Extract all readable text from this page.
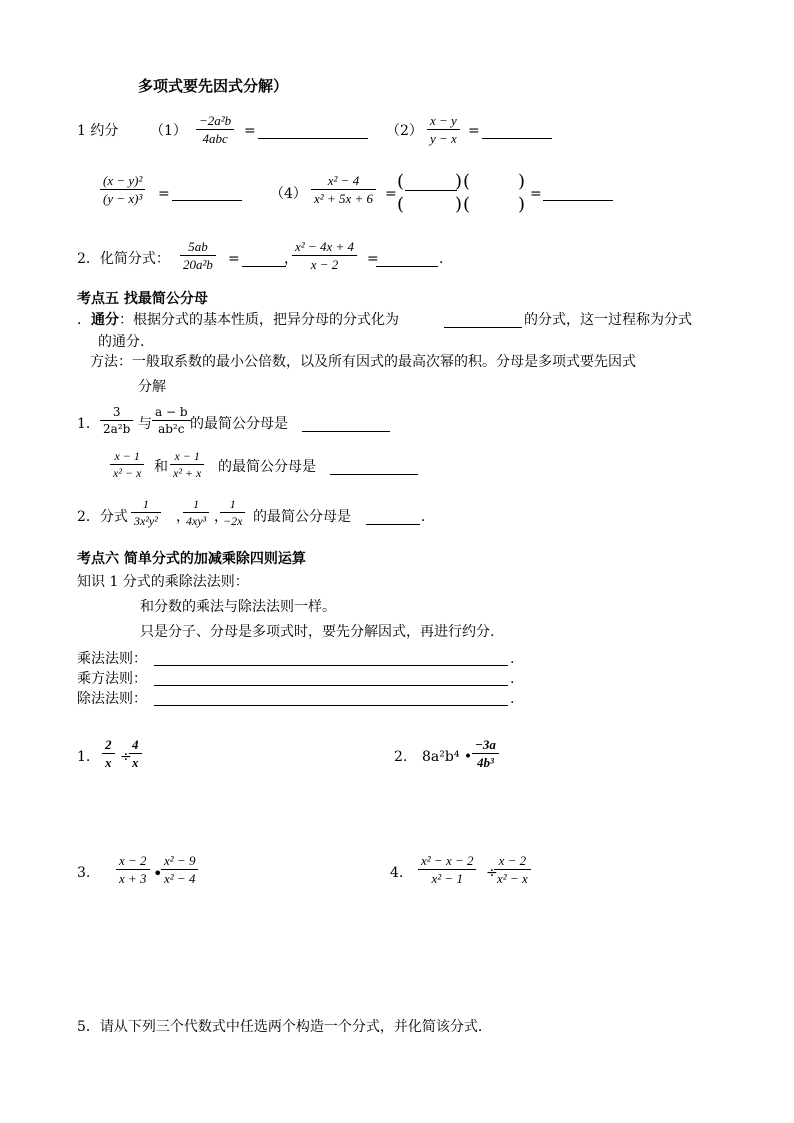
多项式要先因式分解）
1 约分 （1）
−2a²b
4abc	=	$(2) \frac{x - y}{y - x}$ =
$\frac{\text{(x − y)²}}{\text{(y − x)³}}$ =	$(4) \frac{\text{x² − 4}}{\text{x² + 5x + 6}}$ =
(	) (	)
(	) (	) =
2．化简分式： $\frac{5ab}{\text{20a²b}}$ =	，
$\frac{\text{x² − 4x + 4}}{x - 2}$ =	．
考点五 找最简公分母
．通分：根据分式的基本性质，把异分母的分式化为	的分式，这一过程称为分式
的通分.
方法：一般取系数的最小公倍数，以及所有因式的最高次幂的积。分母是多项式要先因式
分解
1． $\frac{3}{\text{2a²b}}$ 与 $\frac{a - b}{\text{ab²c}}$ 的最简公分母是
$\frac{x - 1}{\text{x² − x}}$ 和 $\frac{x - 1}{\text{x² + x}}$ 的最简公分母是
2．分式 $\frac{1}{\text{3x²y²}}$ ，
$\frac{1}{\text{4xy³}}$ ，
$\frac{1}{-2x}$ 的最简公分母是	．
考点六 简单分式的加减乘除四则运算
知识 1 分式的乘除法法则：
和分数的乘法与除法法则一样。
只是分子、分母是多项式时，要先分解因式，再进行约分.
乘法法则：	.
乘方法则：	.
除法法则：	.
1. $\frac{2}{x}$ ÷
$\frac{4}{x}$	2. 8a²b⁴ • $\frac{-3a}{\text{4b³}}$
3. $\frac{x - 2}{x + 3}$ •
$\frac{\text{x² − 9}}{\text{x² − 4}}$	4. $\frac{\text{x² − x − 2}}{\text{x² − 1}}$ ÷
$\frac{x - 2}{\text{x² − x}}$
5．请从下列三个代数式中任选两个构造一个分式，并化简该分式.
